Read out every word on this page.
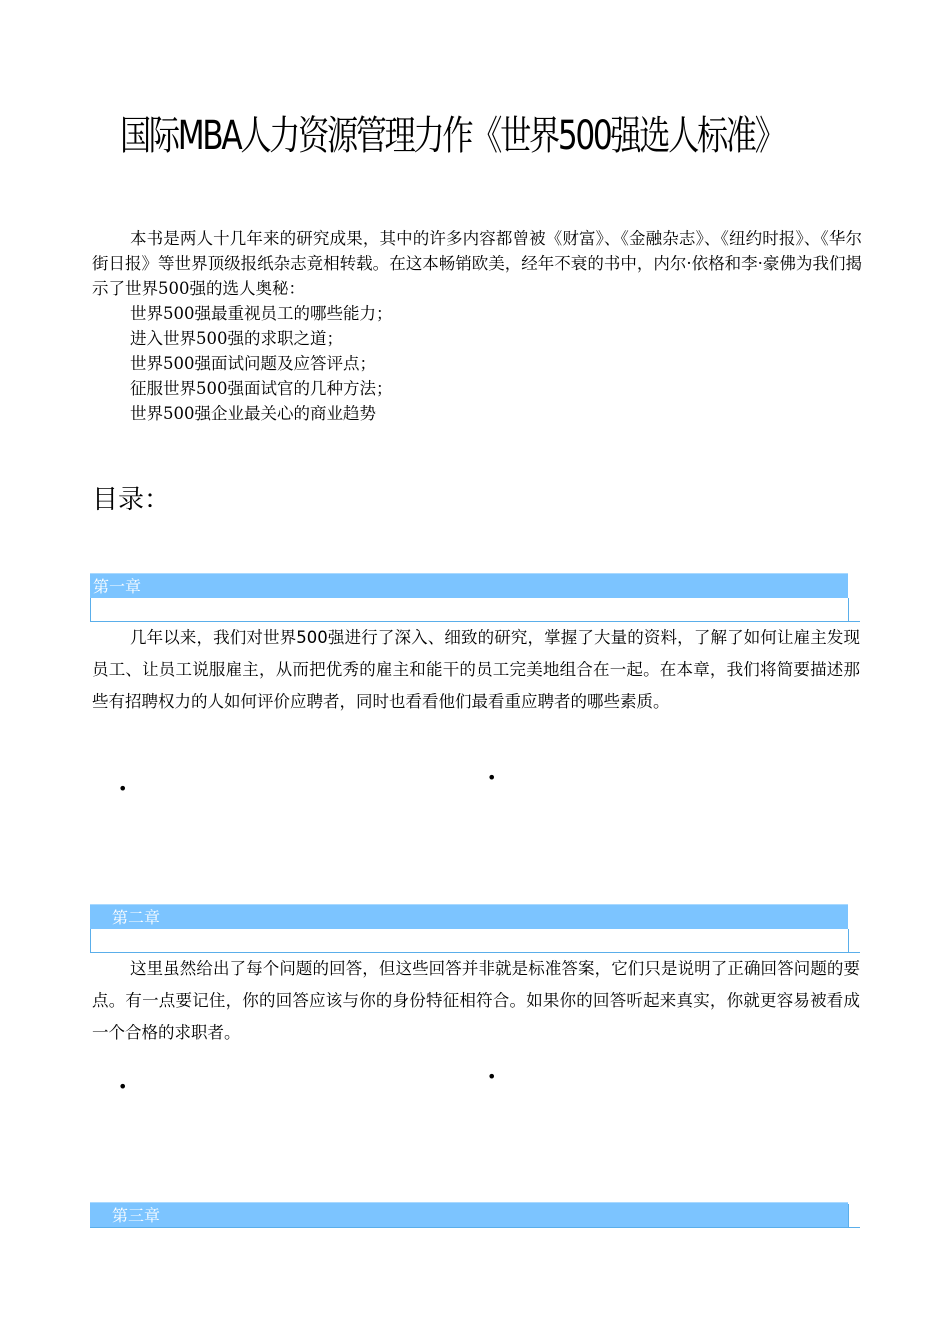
国际MBA人力资源管理力作《世界500强选人标准》

本书是两人十几年来的研究成果，其中的许多内容都曾被《财富》、《金融杂志》、《纽约时报》、《华尔街日报》等世界顶级报纸杂志竟相转载。在这本畅销欧美，经年不衰的书中，内尔·依格和李·豪佛为我们揭示了世界500强的选人奥秘：

世界500强最重视员工的哪些能力；
进入世界500强的求职之道；
世界500强面试问题及应答评点；
征服世界500强面试官的几种方法；
世界500强企业最关心的商业趋势
目录：
第一章

几年以来，我们对世界500强进行了深入、细致的研究，掌握了大量的资料，了解了如何让雇主发现员工、让员工说服雇主，从而把优秀的雇主和能干的员工完美地组合在一起。在本章，我们将简要描述那些有招聘权力的人如何评价应聘者，同时也看看他们最看重应聘者的哪些素质。

•
•
第二章

这里虽然给出了每个问题的回答，但这些回答并非就是标准答案，它们只是说明了正确回答问题的要点。有一点要记住，你的回答应该与你的身份特征相符合。如果你的回答听起来真实，你就更容易被看成一个合格的求职者。

•
•
第三章
